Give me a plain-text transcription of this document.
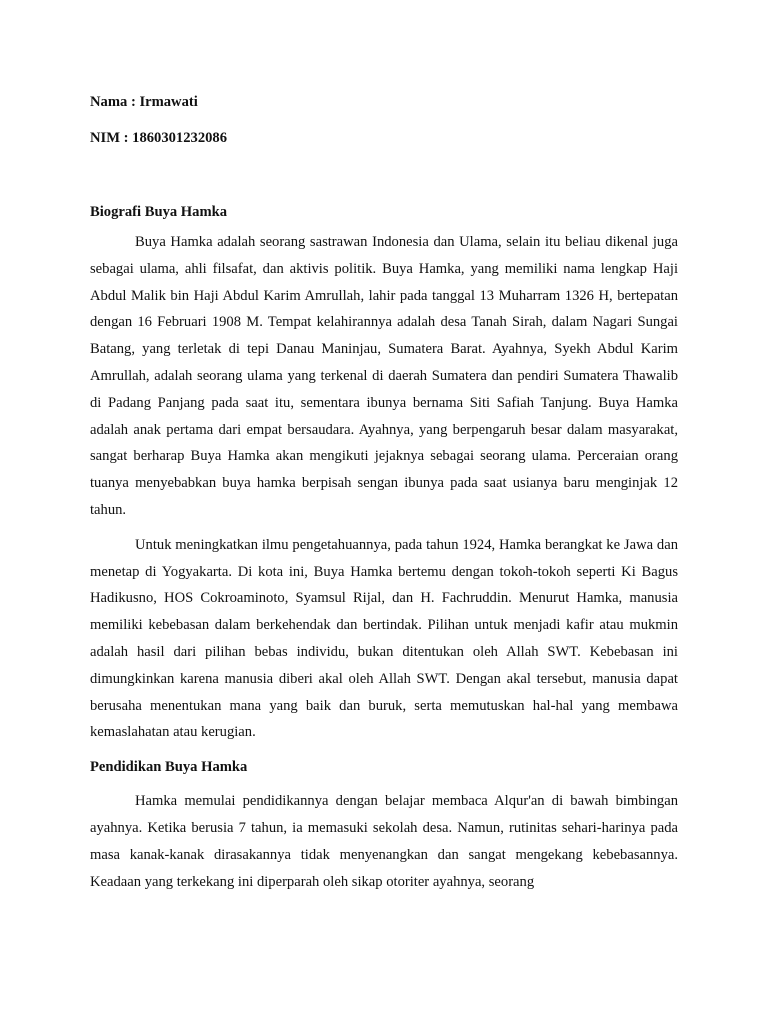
Nama : Irmawati

NIM : 1860301232086

Biografi Buya Hamka

Buya Hamka adalah seorang sastrawan Indonesia dan Ulama, selain itu beliau dikenal juga sebagai ulama, ahli filsafat, dan aktivis politik. Buya Hamka, yang memiliki nama lengkap Haji Abdul Malik bin Haji Abdul Karim Amrullah, lahir pada tanggal 13 Muharram 1326 H, bertepatan dengan 16 Februari 1908 M. Tempat kelahirannya adalah desa Tanah Sirah, dalam Nagari Sungai Batang, yang terletak di tepi Danau Maninjau, Sumatera Barat. Ayahnya, Syekh Abdul Karim Amrullah, adalah seorang ulama yang terkenal di daerah Sumatera dan pendiri Sumatera Thawalib di Padang Panjang pada saat itu, sementara ibunya bernama Siti Safiah Tanjung. Buya Hamka adalah anak pertama dari empat bersaudara. Ayahnya, yang berpengaruh besar dalam masyarakat, sangat berharap Buya Hamka akan mengikuti jejaknya sebagai seorang ulama. Perceraian orang tuanya menyebabkan buya hamka berpisah sengan ibunya pada saat usianya baru menginjak 12 tahun.

Untuk meningkatkan ilmu pengetahuannya, pada tahun 1924, Hamka berangkat ke Jawa dan menetap di Yogyakarta. Di kota ini, Buya Hamka bertemu dengan tokoh-tokoh seperti Ki Bagus Hadikusno, HOS Cokroaminoto, Syamsul Rijal, dan H. Fachruddin. Menurut Hamka, manusia memiliki kebebasan dalam berkehendak dan bertindak. Pilihan untuk menjadi kafir atau mukmin adalah hasil dari pilihan bebas individu, bukan ditentukan oleh Allah SWT. Kebebasan ini dimungkinkan karena manusia diberi akal oleh Allah SWT. Dengan akal tersebut, manusia dapat berusaha menentukan mana yang baik dan buruk, serta memutuskan hal-hal yang membawa kemaslahatan atau kerugian.

Pendidikan Buya Hamka

Hamka memulai pendidikannya dengan belajar membaca Alqur'an di bawah bimbingan ayahnya. Ketika berusia 7 tahun, ia memasuki sekolah desa. Namun, rutinitas sehari-harinya pada masa kanak-kanak dirasakannya tidak menyenangkan dan sangat mengekang kebebasannya. Keadaan yang terkekang ini diperparah oleh sikap otoriter ayahnya, seorang
